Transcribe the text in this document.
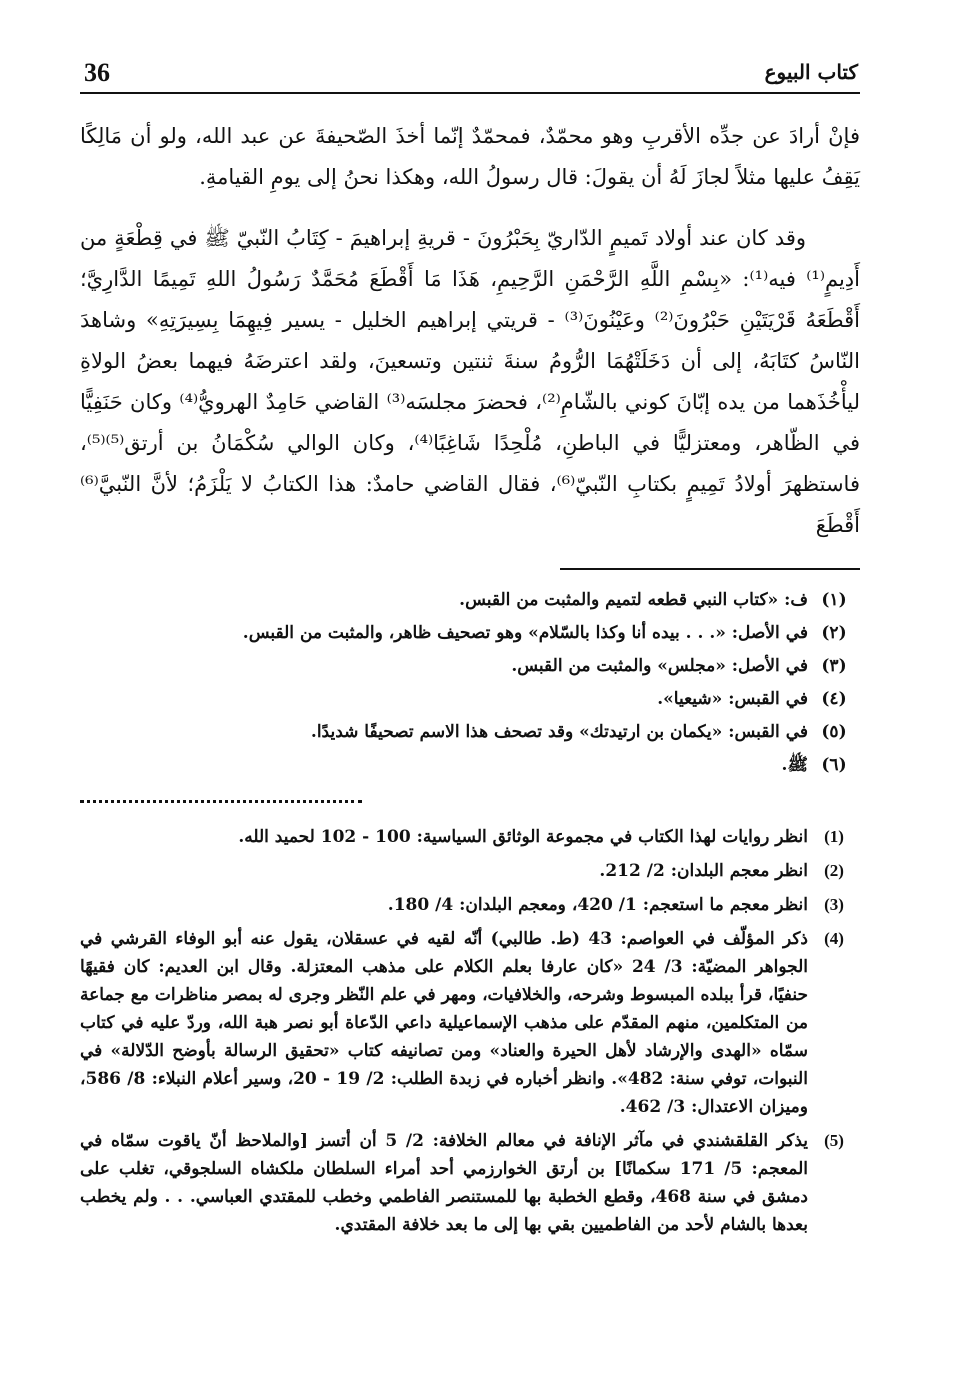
36	كتاب البيوع

فإنْ أرادَ عن جدِّه الأقربِ وهو محمّدٌ، فمحمّدٌ إنّما أخذَ الصّحيفةَ عن عبد الله، ولو أن مَالِكًا يَقِفُ عليها مثلاً لجازَ لَهُ أن يقولَ: قال رسولُ الله، وهكذا نحنُ إلى يومِ القيامةِ.

وقد كان عند أولاد تَميمٍ الدّاريّ بِحَبْرُونَ - قريةِ إبراهيمَ - كِتَابُ النّبيّ ﷺ في قِطْعَةٍ من أَدِيمٍ⁽¹⁾ فيه⁽¹⁾: «بِسْمِ اللَّهِ الرَّحْمَنِ الرَّحِيمِ، هَذَا مَا أَقْطَعَ مُحَمَّدٌ رَسُولُ اللهِ تَمِيمًا الدَّارِيَّ؛ أَقْطَعَهُ قَرْيَتَيْنِ حَبْرُونَ⁽²⁾ وعَيْنُونَ⁽³⁾ - قريتي إبراهيم الخليل - يسير فِيهِمَا بِسِيرَتِهِ» وشاهدَ النّاسُ كتَابَهُ، إلى أن دَخَلَتْهُمَا الرُّومُ سنةَ ثنتين وتسعينَ، ولقد اعترضَهُ فيهما بعضُ الولاةِ ليأْخُذَهما من يده إبّانَ كوني بالشّامِ⁽²⁾، فحضرَ مجلسَه⁽³⁾ القاضي حَامِدٌ الهرويُّ⁽⁴⁾ وكان حَنَفِيًّا في الظّاهر، ومعتزليًّا في الباطنِ، مُلْحِدًا شَاغِبًا⁽⁴⁾، وكان الوالي سُكْمَانُ بن أرتق⁽⁵⁾⁽⁵⁾، فاستظهرَ أولادُ تَمِيمٍ بكتابِ النّبيّ⁽⁶⁾، فقال القاضي حامدٌ: هذا الكتابُ لا يَلْزَمُ؛ لأنَّ النّبيَّ⁽⁶⁾ أَقْطَعَ

(١)
ف: «كتاب النبي قطعه لتميم والمثبت من القبس.
(٢)
في الأصل: «. . . بيده أنا وكذا بالسّلام» وهو تصحيف ظاهر، والمثبت من القبس.
(٣)
في الأصل: «مجلس» والمثبت من القبس.
(٤)
في القبس: «شيعيا».
(٥)
في القبس: «يكمان بن ارتيدتك» وقد تصحف هذا الاسم تصحيفًا شديدًا.
(٦)
ﷺ.
(1)
انظر روايات لهذا الكتاب في مجموعة الوثائق السياسية: 100 - 102 لحميد الله.
(2)
انظر معجم البلدان: 2/ 212.
(3)
انظر معجم ما استعجم: 1/ 420، ومعجم البلدان: 4/ 180.
(4)
ذكر المؤلّف في العواصم: 43 (ط. طالبي) أنّه لقيه في عسقلان، يقول عنه أبو الوفاء القرشي في الجواهر المضيّة: 3/ 24 «كان عارفا بعلم الكلام على مذهب المعتزلة. وقال ابن العديم: كان فقيهًا حنفيًا، قرأ ببلده المبسوط وشرحه، والخلافيات، ومهر في علم النّظر وجرى له بمصر مناظرات مع جماعة من المتكلمين، منهم المقدّم على مذهب الإسماعيلية داعي الدّعاة أبو نصر هبة الله، وردّ عليه في كتاب سمّاه «الهدى والإرشاد لأهل الحيرة والعناد» ومن تصانيفه كتاب «تحقيق الرسالة بأوضح الدّلالة» في النبوات، توفي سنة: 482». وانظر أخباره في زبدة الطلب: 2/ 19 - 20، وسير أعلام النبلاء: 8/ 586، وميزان الاعتدال: 3/ 462.
(5)
يذكر القلقشندي في مآثر الإنافة في معالم الخلافة: 2/ 5 أن أتسز [والملاحظ أنّ ياقوت سمّاه في المعجم: 5/ 171 سكمانًا] بن أرتق الخوارزمي أحد أمراء السلطان ملكشاه السلجوقي، تغلب على دمشق في سنة 468، وقطع الخطبة بها للمستنصر الفاطمي وخطب للمقتدي العباسي. . . ولم يخطب بعدها بالشام لأحد من الفاطميين بقي بها إلى ما بعد خلافة المقتدي.
